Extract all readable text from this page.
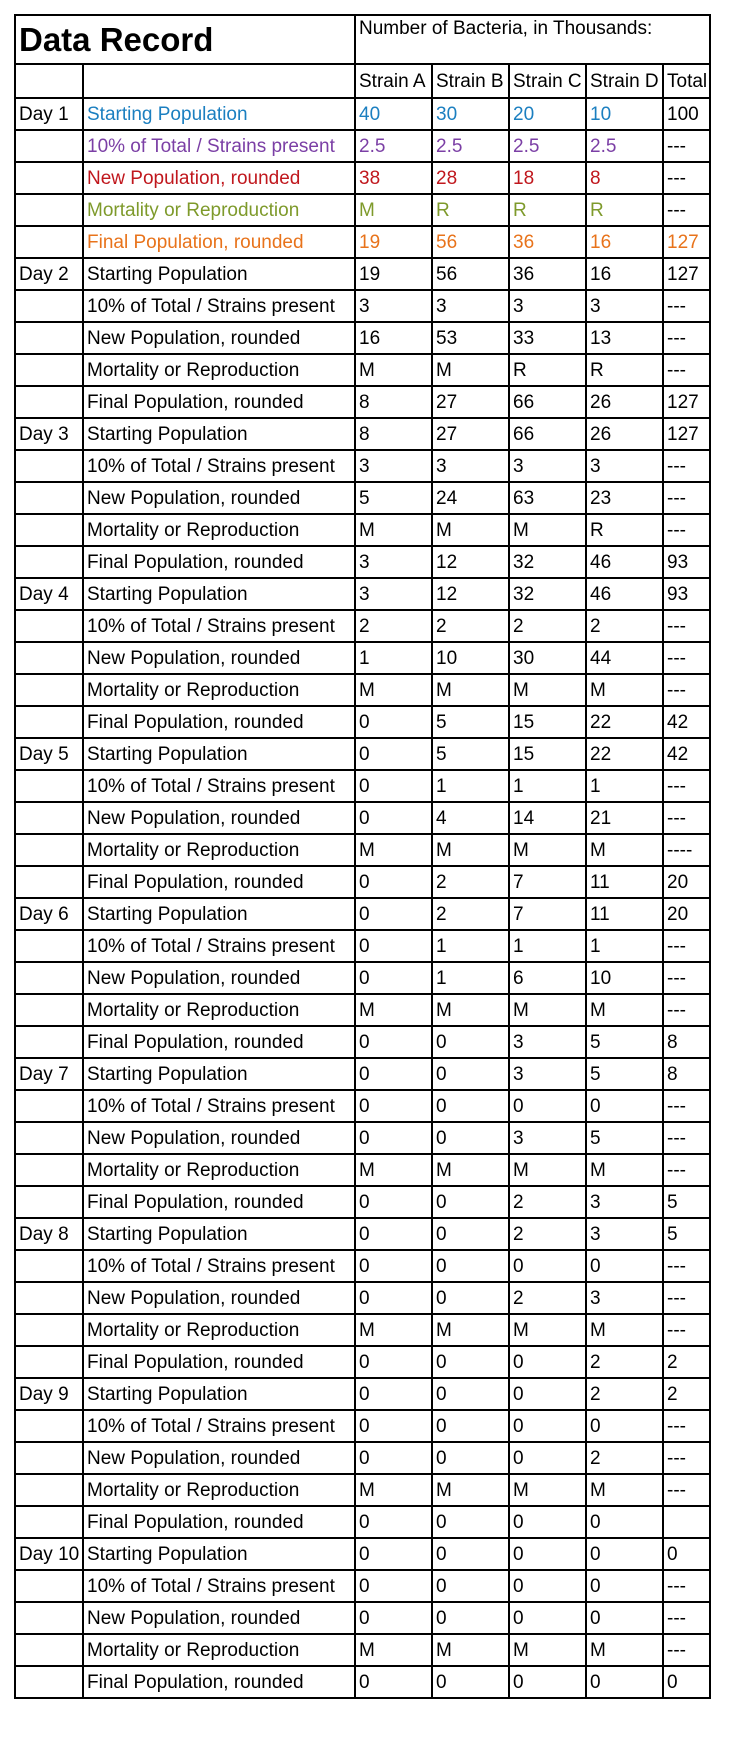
Data Record		Number of Bacteria, in Thousands:				
		Strain A	Strain B	Strain C	Strain D	Total
Day 1	Starting Population	40	30	20	10	100
	10% of Total / Strains present	2.5	2.5	2.5	2.5	---
	New Population, rounded	38	28	18	8	---
	Mortality or Reproduction	M	R	R	R	---
	Final Population, rounded	19	56	36	16	127
Day 2	Starting Population	19	56	36	16	127
	10% of Total / Strains present	3	3	3	3	---
	New Population, rounded	16	53	33	13	---
	Mortality or Reproduction	M	M	R	R	---
	Final Population, rounded	8	27	66	26	127
Day 3	Starting Population	8	27	66	26	127
	10% of Total / Strains present	3	3	3	3	---
	New Population, rounded	5	24	63	23	---
	Mortality or Reproduction	M	M	M	R	---
	Final Population, rounded	3	12	32	46	93
Day 4	Starting Population	3	12	32	46	93
	10% of Total / Strains present	2	2	2	2	---
	New Population, rounded	1	10	30	44	---
	Mortality or Reproduction	M	M	M	M	---
	Final Population, rounded	0	5	15	22	42
Day 5	Starting Population	0	5	15	22	42
	10% of Total / Strains present	0	1	1	1	---
	New Population, rounded	0	4	14	21	---
	Mortality or Reproduction	M	M	M	M	----
	Final Population, rounded	0	2	7	11	20
Day 6	Starting Population	0	2	7	11	20
	10% of Total / Strains present	0	1	1	1	---
	New Population, rounded	0	1	6	10	---
	Mortality or Reproduction	M	M	M	M	---
	Final Population, rounded	0	0	3	5	8
Day 7	Starting Population	0	0	3	5	8
	10% of Total / Strains present	0	0	0	0	---
	New Population, rounded	0	0	3	5	---
	Mortality or Reproduction	M	M	M	M	---
	Final Population, rounded	0	0	2	3	5
Day 8	Starting Population	0	0	2	3	5
	10% of Total / Strains present	0	0	0	0	---
	New Population, rounded	0	0	2	3	---
	Mortality or Reproduction	M	M	M	M	---
	Final Population, rounded	0	0	0	2	2
Day 9	Starting Population	0	0	0	2	2
	10% of Total / Strains present	0	0	0	0	---
	New Population, rounded	0	0	0	2	---
	Mortality or Reproduction	M	M	M	M	---
	Final Population, rounded	0	0	0	0	
Day 10	Starting Population	0	0	0	0	0
	10% of Total / Strains present	0	0	0	0	---
	New Population, rounded	0	0	0	0	---
	Mortality or Reproduction	M	M	M	M	---
	Final Population, rounded	0	0	0	0	0
